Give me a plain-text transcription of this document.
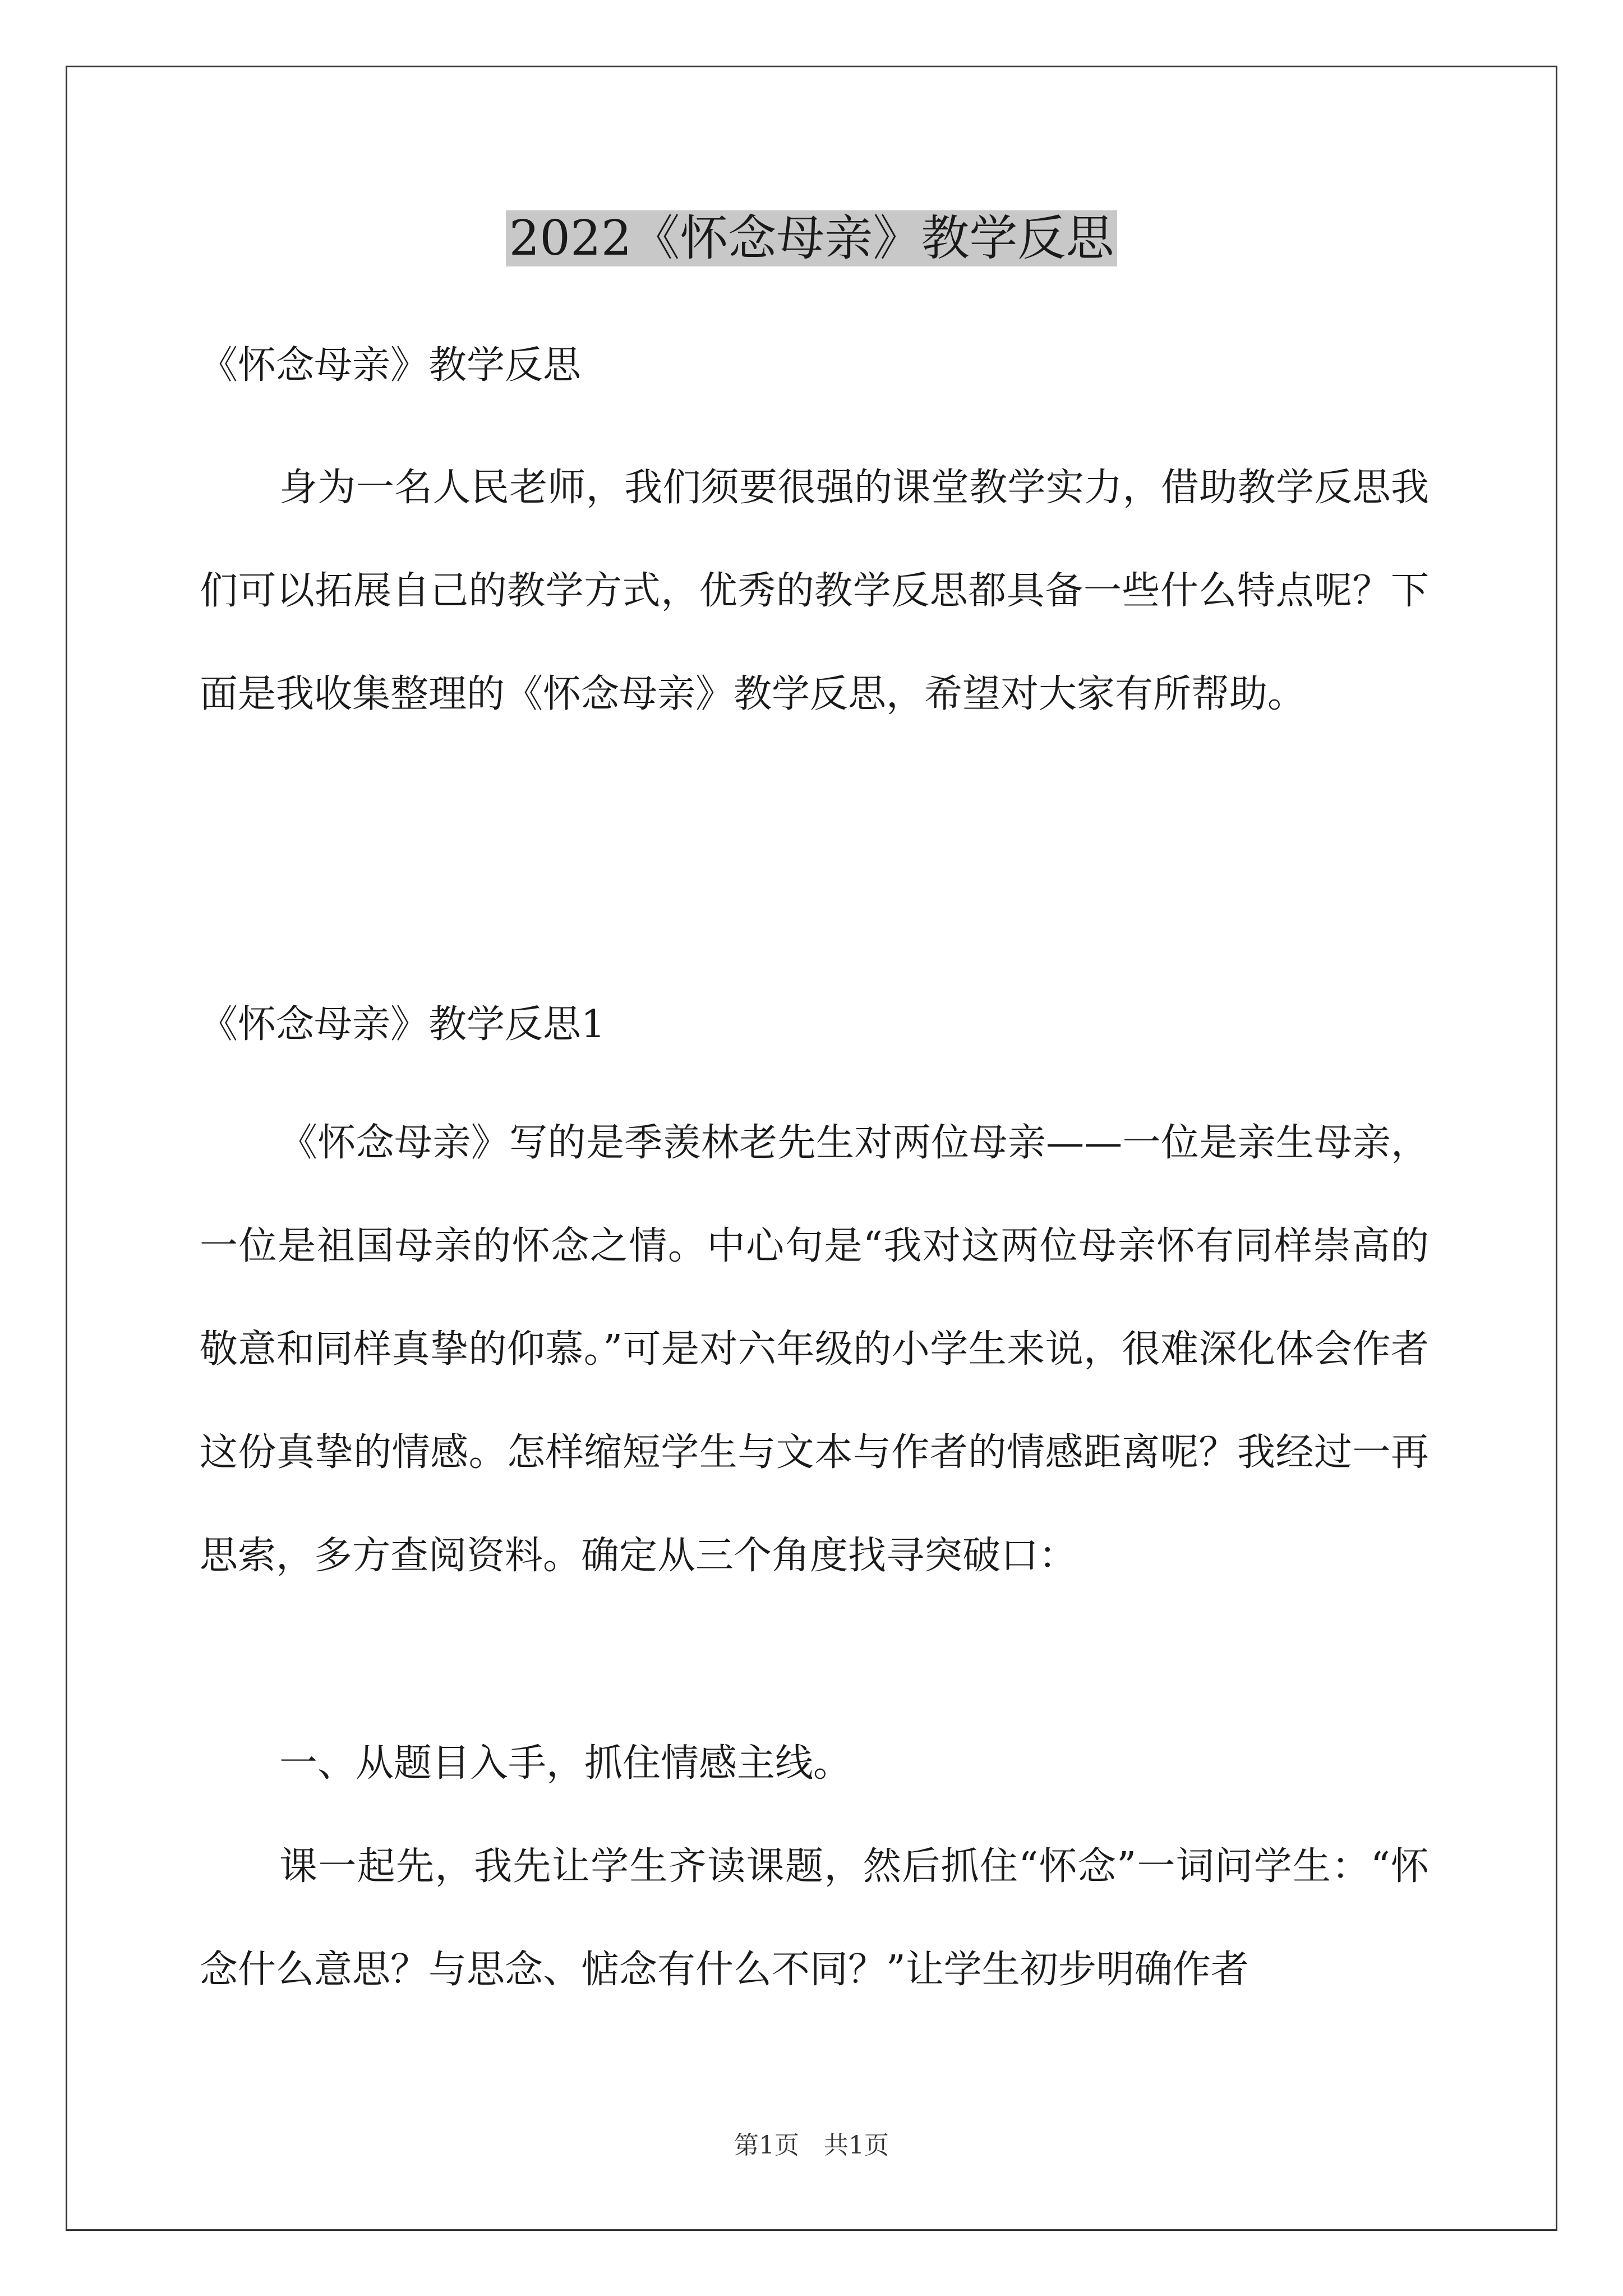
2022《怀念母亲》教学反思

《怀念母亲》教学反思

身为一名人民老师，我们须要很强的课堂教学实力，借助教学反思我们可以拓展自己的教学方式，优秀的教学反思都具备一些什么特点呢？下面是我收集整理的《怀念母亲》教学反思，希望对大家有所帮助。

《怀念母亲》教学反思1

《怀念母亲》写的是季羡林老先生对两位母亲——一位是亲生母亲，一位是祖国母亲的怀念之情。中心句是“我对这两位母亲怀有同样崇高的敬意和同样真挚的仰慕。”可是对六年级的小学生来说，很难深化体会作者这份真挚的情感。怎样缩短学生与文本与作者的情感距离呢？我经过一再思索，多方查阅资料。确定从三个角度找寻突破口：

一、从题目入手，抓住情感主线。

课一起先，我先让学生齐读课题，然后抓住“怀念”一词问学生：“怀念什么意思？与思念、惦念有什么不同？”让学生初步明确作者

第1页　共1页
